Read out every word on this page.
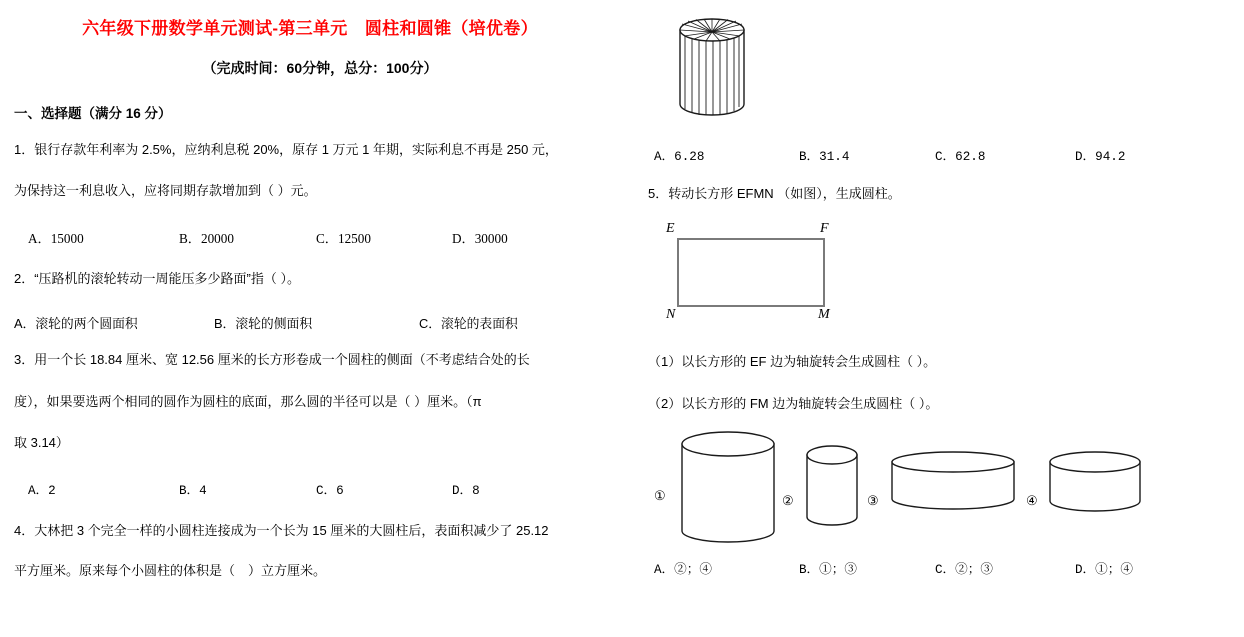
六年级下册数学单元测试-第三单元　圆柱和圆锥（培优卷）
（完成时间：60分钟，总分：100分）
一、选择题（满分 16 分）
1．银行存款年利率为 2.5%，应纳利息税 20%，原存 1 万元 1 年期，实际利息不再是 250 元，
为保持这一利息收入，应将同期存款增加到（ ）元。
A．15000	B．20000	C．12500	D．30000
2．“压路机的滚轮转动一周能压多少路面”指（ ）。
A．滚轮的两个圆面积	B．滚轮的侧面积	C．滚轮的表面积
3．用一个长 18.84 厘米、宽 12.56 厘米的长方形卷成一个圆柱的侧面（不考虑结合处的长
度），如果要选两个相同的圆作为圆柱的底面，那么圆的半径可以是（ ）厘米。（π
取 3.14）
A．2	B．4	C．6	D．8
4．大林把 3 个完全一样的小圆柱连接成为一个长为 15 厘米的大圆柱后，表面积减少了 25.12
平方厘米。原来每个小圆柱的体积是（　）立方厘米。
A．6.28	B．31.4	C．62.8	D．94.2
5．转动长方形 EFMN （如图），生成圆柱。
E	F
N	M
（1）以长方形的 EF 边为轴旋转会生成圆柱（ ）。
（2）以长方形的 FM 边为轴旋转会生成圆柱（ ）。
①	②	③	④
A．②；④	B．①；③	C．②；③	D．①；④
